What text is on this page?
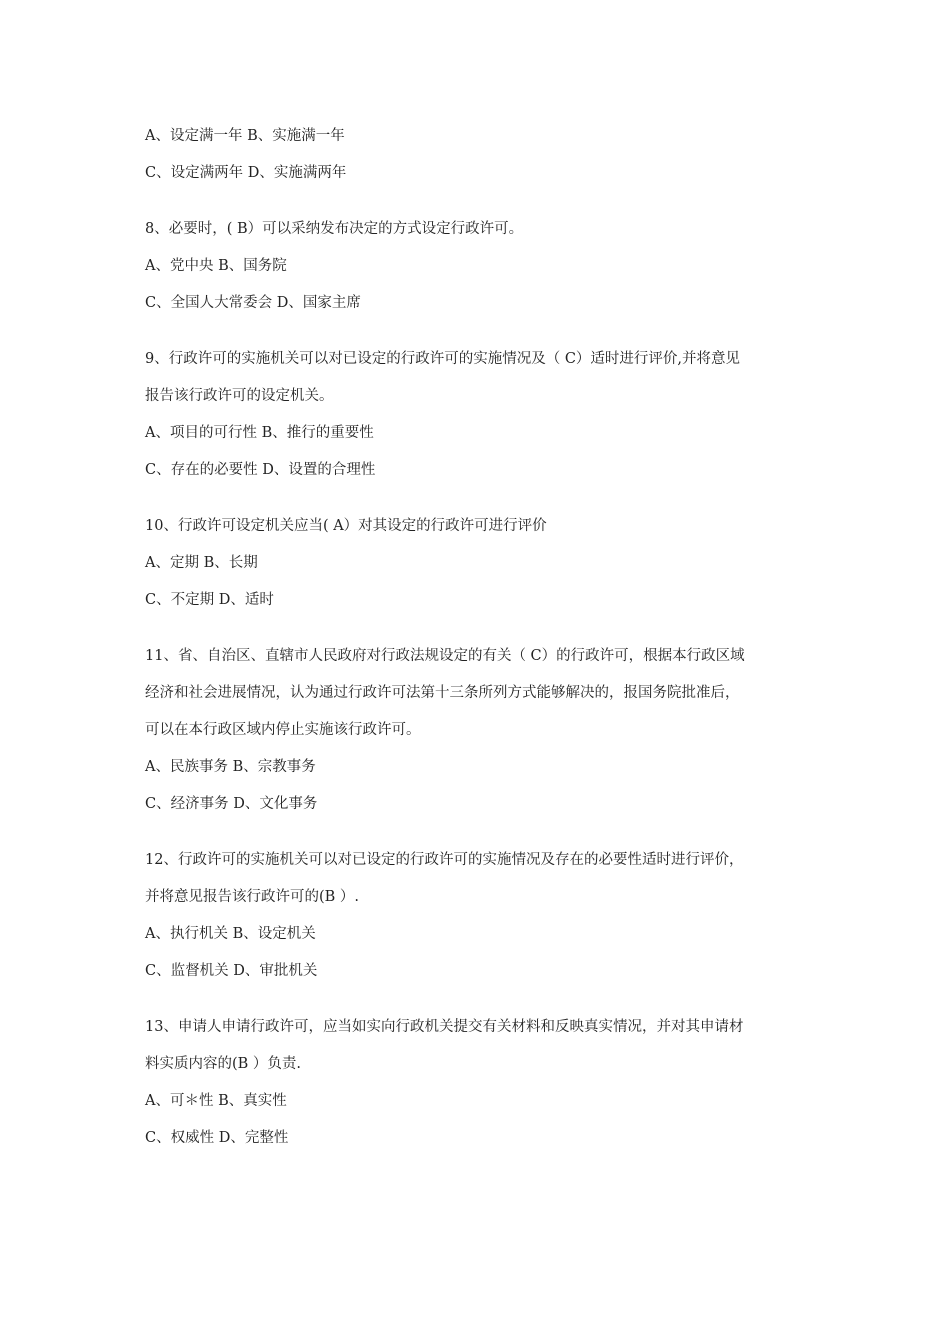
A、设定满一年 B、实施满一年
C、设定满两年 D、实施满两年
8、必要时，( B）可以采纳发布决定的方式设定行政许可。
A、党中央 B、国务院
C、全国人大常委会 D、国家主席
9、行政许可的实施机关可以对已设定的行政许可的实施情况及（ C）适时进行评价,并将意见
报告该行政许可的设定机关。
A、项目的可行性 B、推行的重要性
C、存在的必要性 D、设置的合理性
10、行政许可设定机关应当( A）对其设定的行政许可进行评价
A、定期 B、长期
C、不定期 D、适时
11、省、自治区、直辖市人民政府对行政法规设定的有关（ C）的行政许可，根据本行政区域
经济和社会进展情况，认为通过行政许可法第十三条所列方式能够解决的，报国务院批准后，
可以在本行政区域内停止实施该行政许可。
A、民族事务 B、宗教事务
C、经济事务 D、文化事务
12、行政许可的实施机关可以对已设定的行政许可的实施情况及存在的必要性适时进行评价，
并将意见报告该行政许可的(B ）.
A、执行机关 B、设定机关
C、监督机关 D、审批机关
13、申请人申请行政许可，应当如实向行政机关提交有关材料和反映真实情况，并对其申请材
料实质内容的(B ）负责.
A、可＊性 B、真实性
C、权威性 D、完整性
